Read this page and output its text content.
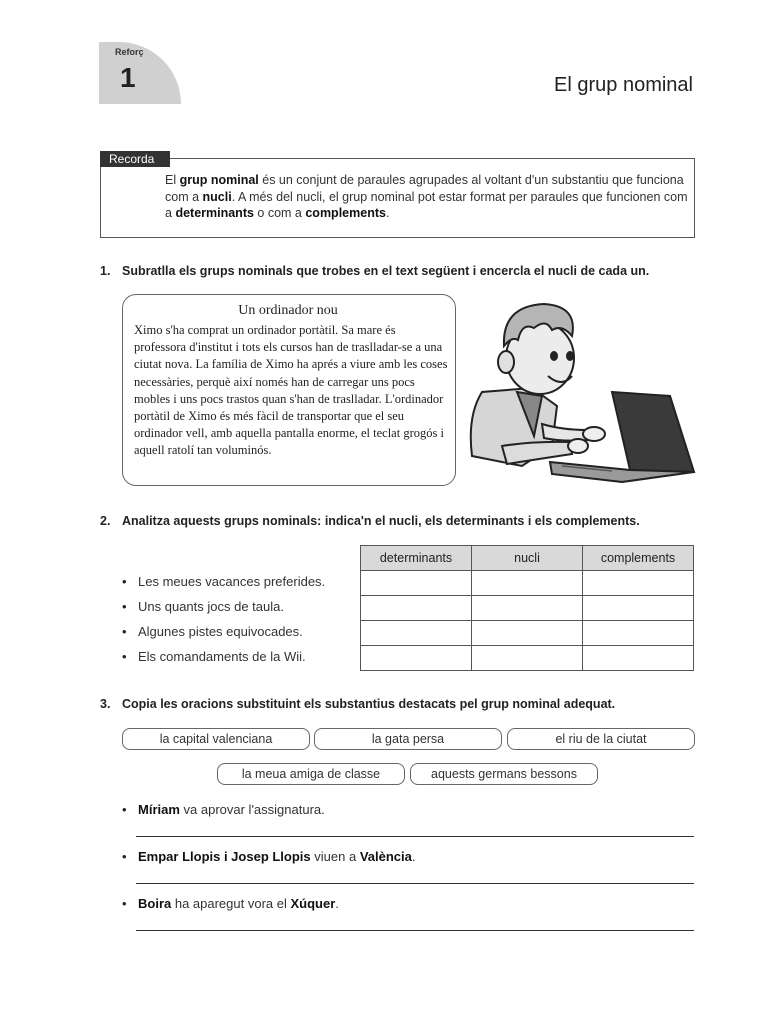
Reforç
1	El grup nominal
Recorda
El grup nominal és un conjunt de paraules agrupades al voltant d'un substantiu que funciona com a nucli. A més del nucli, el grup nominal pot estar format per paraules que funcionen com a determinants o com a complements.
1. Subratlla els grups nominals que trobes en el text següent i encercla el nucli de cada un.
Un ordinador nou
Ximo s'ha comprat un ordinador portàtil. Sa mare és professora d'institut i tots els cursos han de traslladar-se a una ciutat nova. La família de Ximo ha aprés a viure amb les coses necessàries, perquè així només han de carregar uns pocs mobles i uns pocs trastos quan s'han de traslladar. L'ordinador portàtil de Ximo és més fàcil de transportar que el seu ordinador vell, amb aquella pantalla enorme, el teclat grogós i aquell ratolí tan voluminós.
2. Analitza aquests grups nominals: indica'n el nucli, els determinants i els complements.
determinants	nucli	complements

• Les meues vacances preferides.
• Uns quants jocs de taula.
• Algunes pistes equivocades.
• Els comandaments de la Wii.
3. Copia les oracions substituint els substantius destacats pel grup nominal adequat.
la capital valenciana	la gata persa	el riu de la ciutat
la meua amiga de classe	aquests germans bessons
• Míriam va aprovar l'assignatura.
• Empar Llopis i Josep Llopis viuen a València.
• Boira ha aparegut vora el Xúquer.
